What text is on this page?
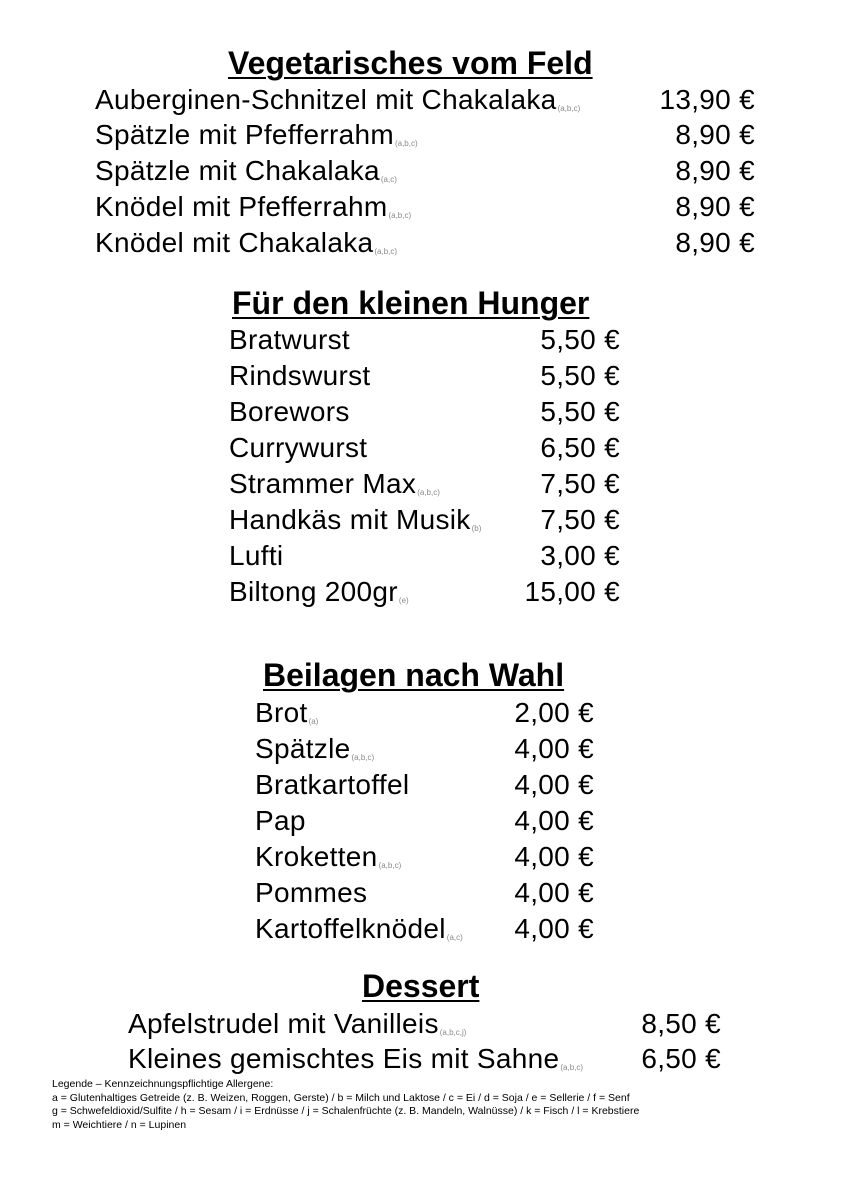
Vegetarisches vom Feld
Auberginen-Schnitzel mit Chakalaka(a,b,c)	13,90 €
Spätzle mit Pfefferrahm(a,b,c)	8,90 €
Spätzle mit Chakalaka(a,c)	8,90 €
Knödel mit Pfefferrahm(a,b,c)	8,90 €
Knödel mit Chakalaka(a,b,c)	8,90 €
Für den kleinen Hunger
Bratwurst	5,50 €
Rindswurst	5,50 €
Borewors	5,50 €
Currywurst	6,50 €
Strammer Max(a,b,c)	7,50 €
Handkäs mit Musik(b) 7,50 €
Lufti	3,00 €
Biltong 200gr(e)	15,00 €
Beilagen nach Wahl
Brot(a)	2,00 €
Spätzle(a,b,c)	4,00 €
Bratkartoffel	4,00 €
Pap	4,00 €
Kroketten(a,b,c)	4,00 €
Pommes	4,00 €
Kartoffelknödel(a,c) 4,00 €
Dessert
Apfelstrudel mit Vanilleis(a,b,c,j)	8,50 €
Kleines gemischtes Eis mit Sahne(a,b,c) 6,50 €
Legende – Kennzeichnungspflichtige Allergene:
a = Glutenhaltiges Getreide (z. B. Weizen, Roggen, Gerste) / b = Milch und Laktose / c = Ei / d = Soja / e = Sellerie / f = Senf
g = Schwefeldioxid/Sulfite / h = Sesam / i = Erdnüsse / j = Schalenfrüchte (z. B. Mandeln, Walnüsse) / k = Fisch / l = Krebstiere
m = Weichtiere / n = Lupinen
